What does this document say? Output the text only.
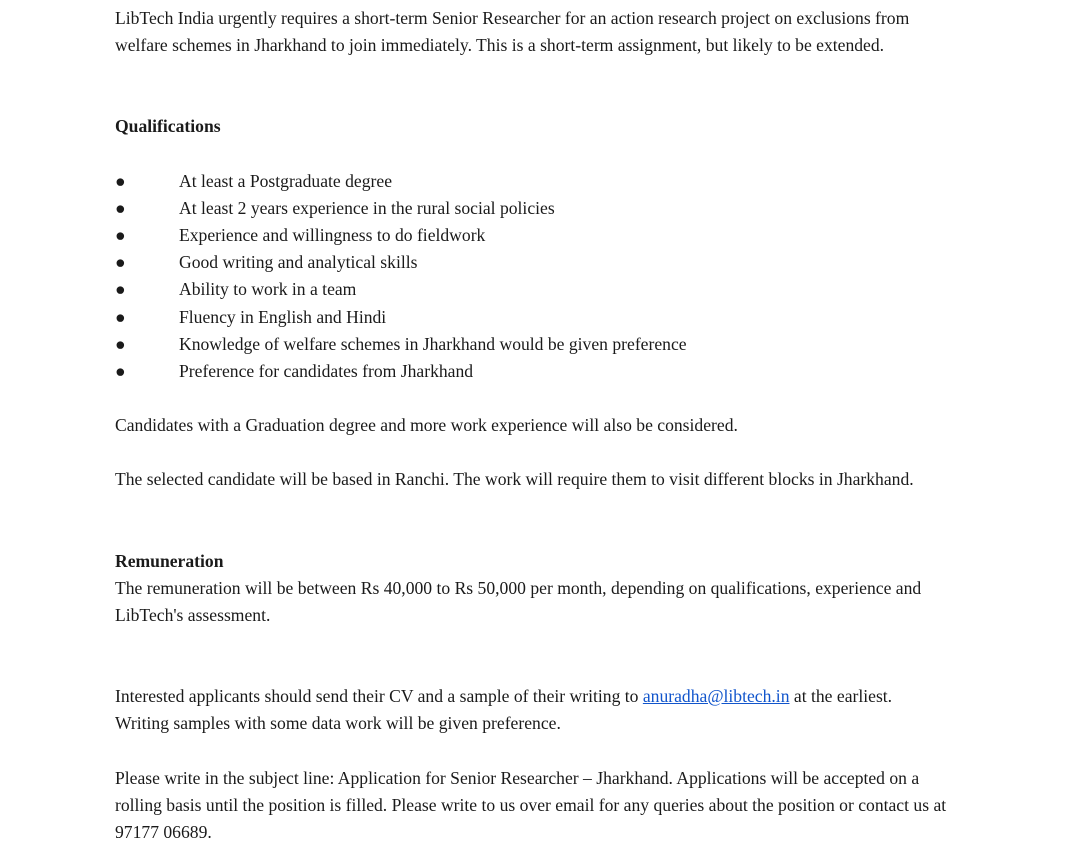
LibTech India urgently requires a short-term Senior Researcher for an action research project on exclusions from welfare schemes in Jharkhand to join immediately. This is a short-term assignment, but likely to be extended.

Qualifications

●	At least a Postgraduate degree
●	At least 2 years experience in the rural social policies
●	Experience and willingness to do fieldwork
●	Good writing and analytical skills
●	Ability to work in a team
●	Fluency in English and Hindi
●	Knowledge of welfare schemes in Jharkhand would be given preference
●	Preference for candidates from Jharkhand

Candidates with a Graduation degree and more work experience will also be considered.

The selected candidate will be based in Ranchi. The work will require them to visit different blocks in Jharkhand.

Remuneration

The remuneration will be between Rs 40,000 to Rs 50,000 per month, depending on qualifications, experience and LibTech's assessment.

Interested applicants should send their CV and a sample of their writing to anuradha@libtech.in at the earliest.
Writing samples with some data work will be given preference.

Please write in the subject line: Application for Senior Researcher – Jharkhand. Applications will be accepted on a rolling basis until the position is filled. Please write to us over email for any queries about the position or contact us at 97177 06689.
